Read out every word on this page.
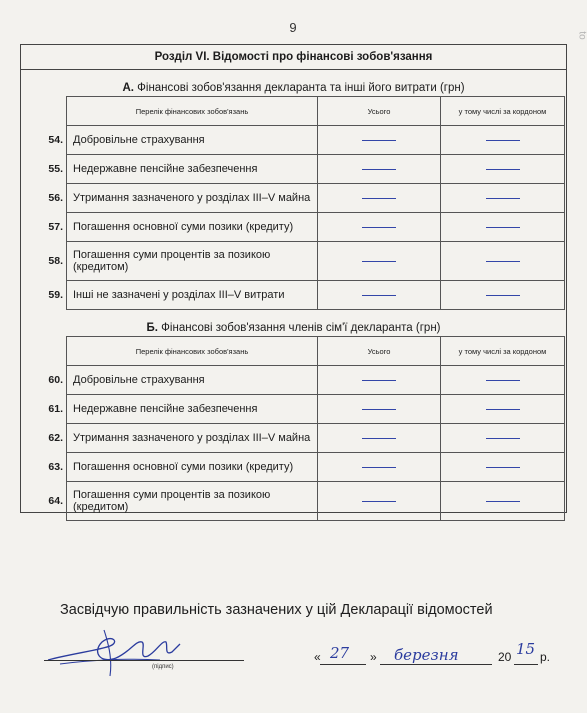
9
to
Розділ VI. Відомості про фінансові зобов'язання
А. Фінансові зобов'язання декларанта та інші його витрати (грн)
	Перелік фінансових зобов'язань	Усього	у тому числі за кордоном
54.	Добровільне страхування		
55.	Недержавне пенсійне забезпечення		
56.	Утримання зазначеного у розділах III–V майна		
57.	Погашення основної суми позики (кредиту)		
58.	Погашення суми процентів за позикою (кредитом)		
59.	Інші не зазначені у розділах III–V витрати		
Б. Фінансові зобов'язання членів сім'ї декларанта (грн)
	Перелік фінансових зобов'язань	Усього	у тому числі за кордоном
60.	Добровільне страхування		
61.	Недержавне пенсійне забезпечення		
62.	Утримання зазначеного у розділах III–V майна		
63.	Погашення основної суми позики (кредиту)		
64.	Погашення суми процентів за позикою (кредитом)		
Засвідчую правильність зазначених у цій Декларації відомостей
(підпис)
« 27 » березня	20 15 р.
